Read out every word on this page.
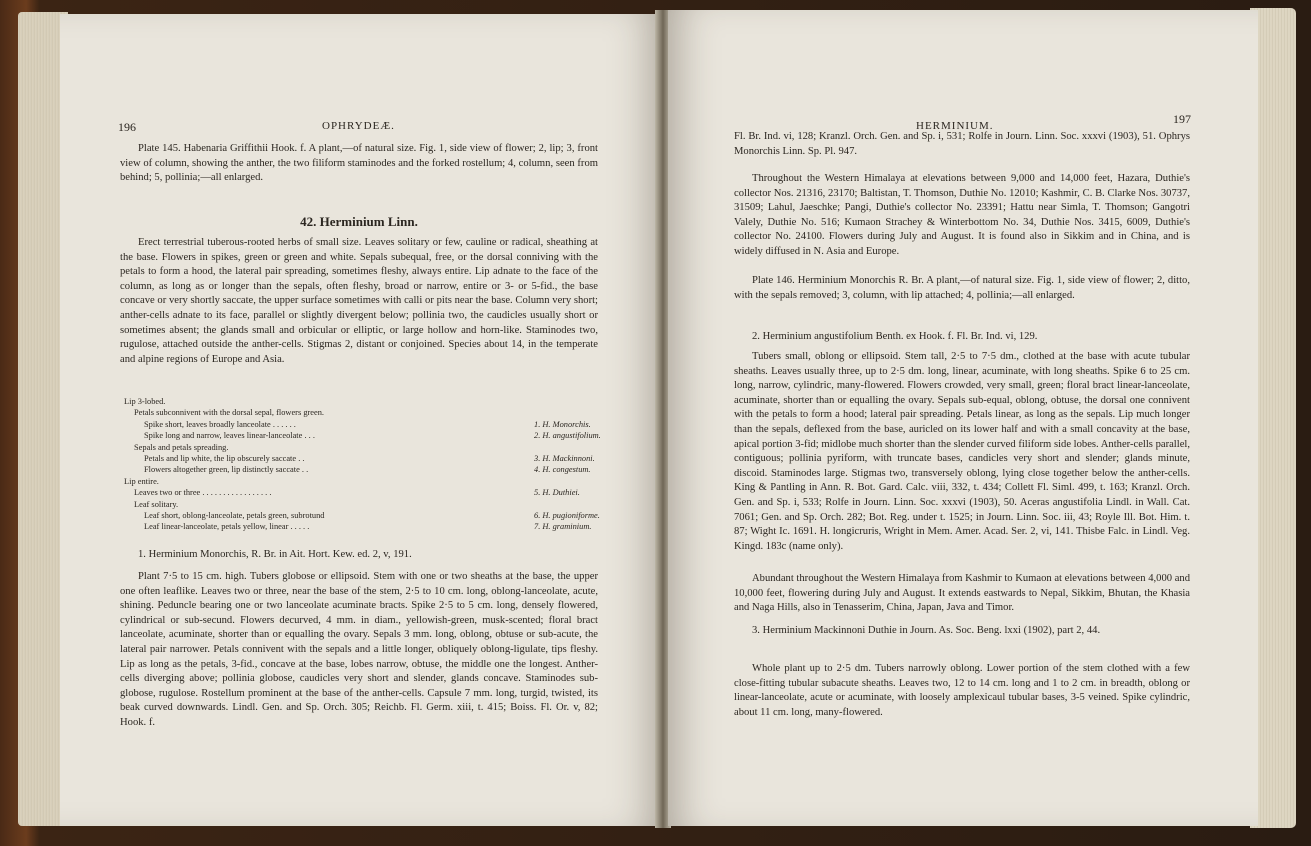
196	OPHRYDEÆ.

Plate 145. Habenaria Griffithii Hook. f. A plant,—of natural size. Fig. 1, side view of flower; 2, lip; 3, front view of column, showing the anther, the two filiform staminodes and the forked rostellum; 4, column, seen from behind; 5, pollinia;—all enlarged.

42. Herminium Linn.

Erect terrestrial tuberous-rooted herbs of small size. Leaves solitary or few, cauline or radical, sheathing at the base. Flowers in spikes, green or green and white. Sepals subequal, free, or the dorsal conniving with the petals to form a hood, the lateral pair spreading, sometimes fleshy, always entire. Lip adnate to the face of the column, as long as or longer than the sepals, often fleshy, broad or narrow, entire or 3- or 5-fid., the base concave or very shortly saccate, the upper surface sometimes with calli or pits near the base. Column very short; anther-cells adnate to its face, parallel or slightly divergent below; pollinia two, the caudicles usually short or sometimes absent; the glands small and orbicular or elliptic, or large hollow and horn-like. Staminodes two, rugulose, attached outside the anther-cells. Stigmas 2, distant or conjoined. Species about 14, in the temperate and alpine regions of Europe and Asia.

Lip 3-lobed.
Petals subconnivent with the dorsal sepal, flowers green.
Spike short, leaves broadly lanceolate . . . . . .	1. H. Monorchis.
Spike long and narrow, leaves linear-lanceolate . . .	2. H. angustifolium.
Sepals and petals spreading.
Petals and lip white, the lip obscurely saccate . .	3. H. Mackinnoni.
Flowers altogether green, lip distinctly saccate . .	4. H. congestum.
Lip entire.
Leaves two or three . . . . . . . . . . . . . . . . .	5. H. Duthiei.
Leaf solitary.
Leaf short, oblong-lanceolate, petals green, subrotund	6. H. pugioniforme.
Leaf linear-lanceolate, petals yellow, linear . . . . .	7. H. graminium.

1. Herminium Monorchis, R. Br. in Ait. Hort. Kew. ed. 2, v, 191.

Plant 7·5 to 15 cm. high. Tubers globose or ellipsoid. Stem with one or two sheaths at the base, the upper one often leaflike. Leaves two or three, near the base of the stem, 2·5 to 10 cm. long, oblong-lanceolate, acute, shining. Peduncle bearing one or two lanceolate acuminate bracts. Spike 2·5 to 5 cm. long, densely flowered, cylindrical or sub-secund. Flowers decurved, 4 mm. in diam., yellowish-green, musk-scented; floral bract lanceolate, acuminate, shorter than or equalling the ovary. Sepals 3 mm. long, oblong, obtuse or sub-acute, the lateral pair narrower. Petals connivent with the sepals and a little longer, obliquely oblong-ligulate, tips fleshy. Lip as long as the petals, 3-fid., concave at the base, lobes narrow, obtuse, the middle one the longest. Anther-cells diverging above; pollinia globose, caudicles very short and slender, glands concave. Staminodes sub-globose, rugulose. Rostellum prominent at the base of the anther-cells. Capsule 7 mm. long, turgid, twisted, its beak curved downwards. Lindl. Gen. and Sp. Orch. 305; Reichb. Fl. Germ. xiii, t. 415; Boiss. Fl. Or. v, 82; Hook. f.

HERMINIUM.	197

Fl. Br. Ind. vi, 128; Kranzl. Orch. Gen. and Sp. i, 531; Rolfe in Journ. Linn. Soc. xxxvi (1903), 51. Ophrys Monorchis Linn. Sp. Pl. 947.

Throughout the Western Himalaya at elevations between 9,000 and 14,000 feet, Hazara, Duthie's collector Nos. 21316, 23170; Baltistan, T. Thomson, Duthie No. 12010; Kashmir, C. B. Clarke Nos. 30737, 31509; Lahul, Jaeschke; Pangi, Duthie's collector No. 23391; Hattu near Simla, T. Thomson; Gangotri Valely, Duthie No. 516; Kumaon Strachey & Winterbottom No. 34, Duthie Nos. 3415, 6009, Duthie's collector No. 24100. Flowers during July and August. It is found also in Sikkim and in China, and is widely diffused in N. Asia and Europe.

Plate 146. Herminium Monorchis R. Br. A plant,—of natural size. Fig. 1, side view of flower; 2, ditto, with the sepals removed; 3, column, with lip attached; 4, pollinia;—all enlarged.

2. Herminium angustifolium Benth. ex Hook. f. Fl. Br. Ind. vi, 129.

Tubers small, oblong or ellipsoid. Stem tall, 2·5 to 7·5 dm., clothed at the base with acute tubular sheaths. Leaves usually three, up to 2·5 dm. long, linear, acuminate, with long sheaths. Spike 6 to 25 cm. long, narrow, cylindric, many-flowered. Flowers crowded, very small, green; floral bract linear-lanceolate, acuminate, shorter than or equalling the ovary. Sepals sub-equal, oblong, obtuse, the dorsal one connivent with the petals to form a hood; lateral pair spreading. Petals linear, as long as the sepals. Lip much longer than the sepals, deflexed from the base, auricled on its lower half and with a small concavity at the base, apical portion 3-fid; midlobe much shorter than the slender curved filiform side lobes. Anther-cells parallel, contiguous; pollinia pyriform, with truncate bases, candicles very short and slender; glands minute, discoid. Staminodes large. Stigmas two, transversely oblong, lying close together below the anther-cells. King & Pantling in Ann. R. Bot. Gard. Calc. viii, 332, t. 434; Collett Fl. Siml. 499, t. 163; Kranzl. Orch. Gen. and Sp. i, 533; Rolfe in Journ. Linn. Soc. xxxvi (1903), 50. Aceras angustifolia Lindl. in Wall. Cat. 7061; Gen. and Sp. Orch. 282; Bot. Reg. under t. 1525; in Journ. Linn. Soc. iii, 43; Royle Ill. Bot. Him. t. 87; Wight Ic. 1691. H. longicruris, Wright in Mem. Amer. Acad. Ser. 2, vi, 141. Thisbe Falc. in Lindl. Veg. Kingd. 183c (name only).

Abundant throughout the Western Himalaya from Kashmir to Kumaon at elevations between 4,000 and 10,000 feet, flowering during July and August. It extends eastwards to Nepal, Sikkim, Bhutan, the Khasia and Naga Hills, also in Tenasserim, China, Japan, Java and Timor.

3. Herminium Mackinnoni Duthie in Journ. As. Soc. Beng. lxxi (1902), part 2, 44.

Whole plant up to 2·5 dm. Tubers narrowly oblong. Lower portion of the stem clothed with a few close-fitting tubular subacute sheaths. Leaves two, 12 to 14 cm. long and 1 to 2 cm. in breadth, oblong or linear-lanceolate, acute or acuminate, with loosely amplexicaul tubular bases, 3-5 veined. Spike cylindric, about 11 cm. long, many-flowered.
